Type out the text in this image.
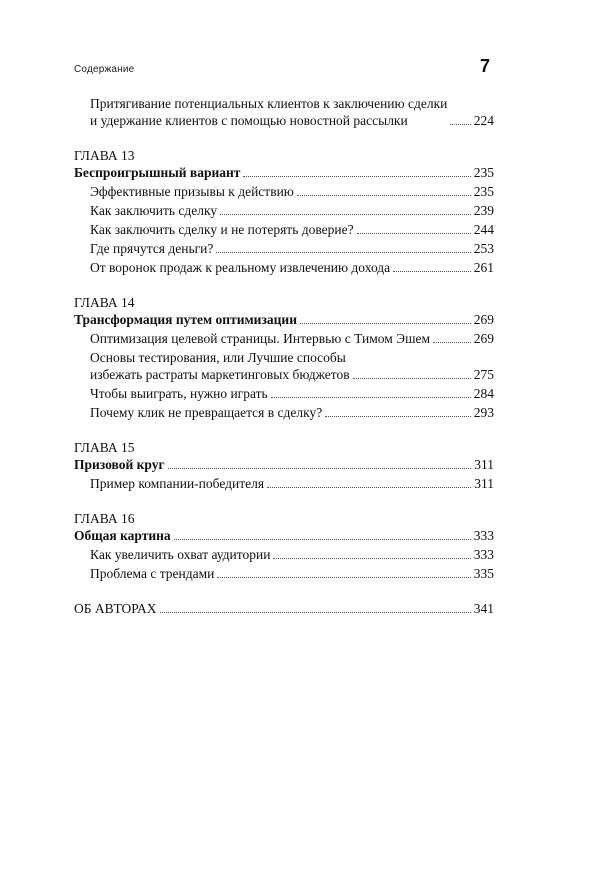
Содержание	7
Притягивание потенциальных клиентов к заключению сделки
и удержание клиентов с помощью новостной рассылки	224
ГЛАВА 13
Беспроигрышный вариант	235
Эффективные призывы к действию	235
Как заключить сделку	239
Как заключить сделку и не потерять доверие?	244
Где прячутся деньги?	253
От воронок продаж к реальному извлечению дохода	261
ГЛАВА 14
Трансформация путем оптимизации	269
Оптимизация целевой страницы. Интервью с Тимом Эшем	269
Основы тестирования, или Лучшие способы
избежать растраты маркетинговых бюджетов	275
Чтобы выиграть, нужно играть	284
Почему клик не превращается в сделку?	293
ГЛАВА 15
Призовой круг	311
Пример компании-победителя	311
ГЛАВА 16
Общая картина	333
Как увеличить охват аудитории	333
Проблема с трендами	335
ОБ АВТОРАХ	341
